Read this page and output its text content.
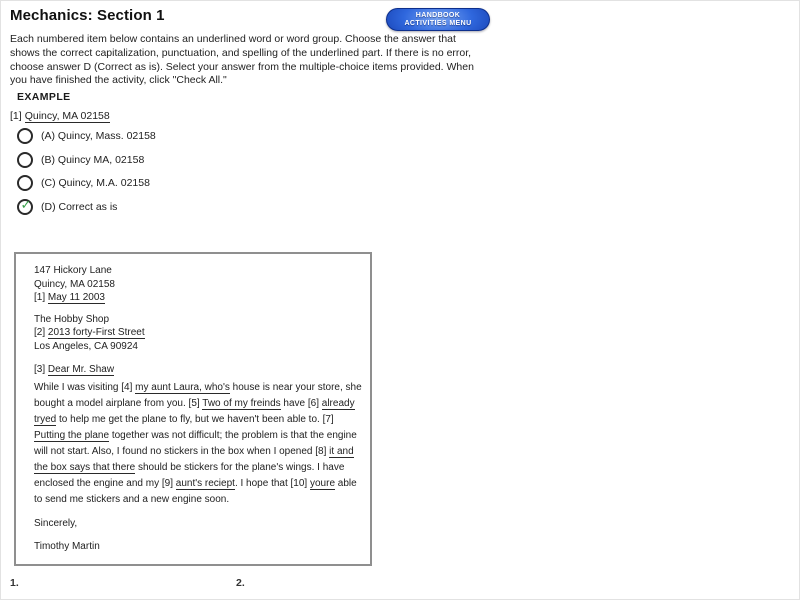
Mechanics: Section 1	HANDBOOK
ACTIVITIES MENU

Each numbered item below contains an underlined word or word group. Choose the answer that shows the correct capitalization, punctuation, and spelling of the underlined part. If there is no error, choose answer D (Correct as is). Select your answer from the multiple-choice items provided. When you have finished the activity, click "Check All."

EXAMPLE
[1] Quincy, MA 02158
(A) Quincy, Mass. 02158
(B) Quincy MA, 02158
(C) Quincy, M.A. 02158
✓ (D) Correct as is
147 Hickory Lane
Quincy, MA 02158
[1] May 11 2003
The Hobby Shop
[2] 2013 forty-First Street
Los Angeles, CA 90924
[3] Dear Mr. Shaw
While I was visiting [4] my aunt Laura, who's house is near your store, she bought a model airplane from you. [5] Two of my freinds have [6] already tryed to help me get the plane to fly, but we haven't been able to. [7] Putting the plane together was not difficult; the problem is that the engine will not start. Also, I found no stickers in the box when I opened [8] it and the box says that there should be stickers for the plane's wings. I have enclosed the engine and my [9] aunt's reciept. I hope that [10] youre able to send me stickers and a new engine soon.
Sincerely,
Timothy Martin
1.	2.
